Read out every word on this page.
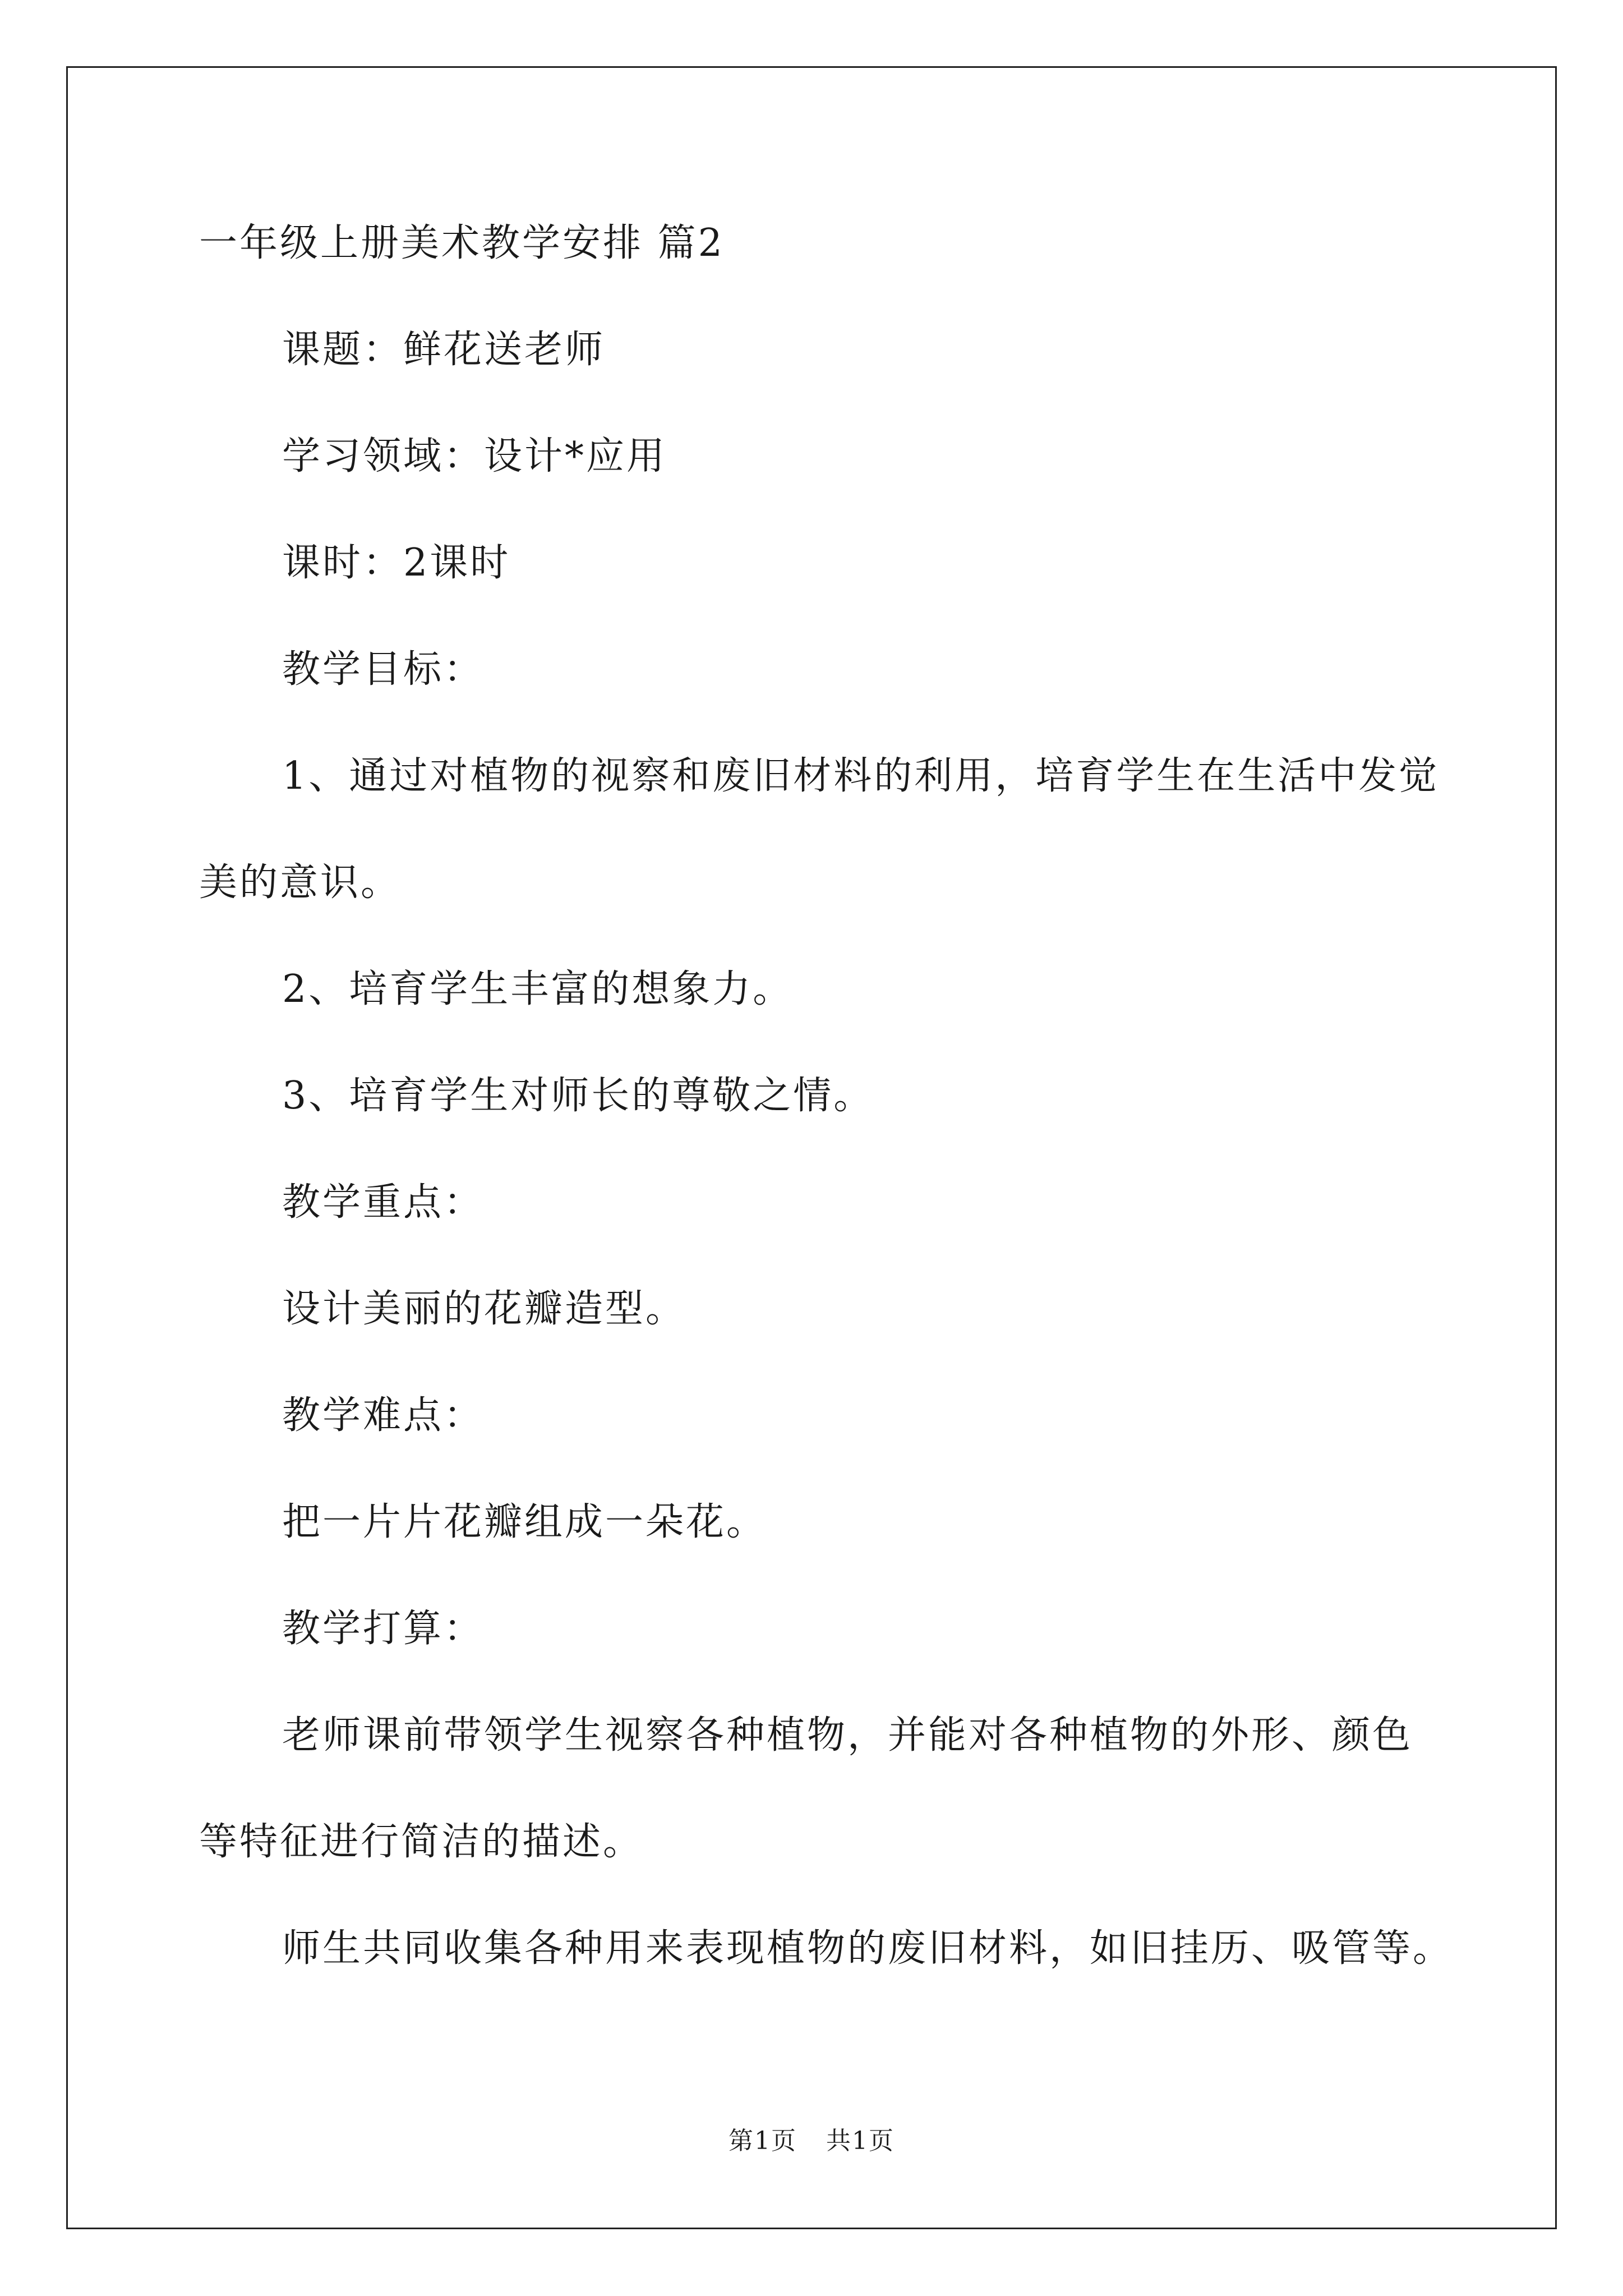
一年级上册美术教学安排 篇2
课题：鲜花送老师
学习领域：设计*应用
课时：2课时
教学目标：
1、通过对植物的视察和废旧材料的利用，培育学生在生活中发觉
美的意识。
2、培育学生丰富的想象力。
3、培育学生对师长的尊敬之情。
教学重点：
设计美丽的花瓣造型。
教学难点：
把一片片花瓣组成一朵花。
教学打算：
老师课前带领学生视察各种植物，并能对各种植物的外形、颜色
等特征进行简洁的描述。
师生共同收集各种用来表现植物的废旧材料，如旧挂历、吸管等。
第1页 共1页
